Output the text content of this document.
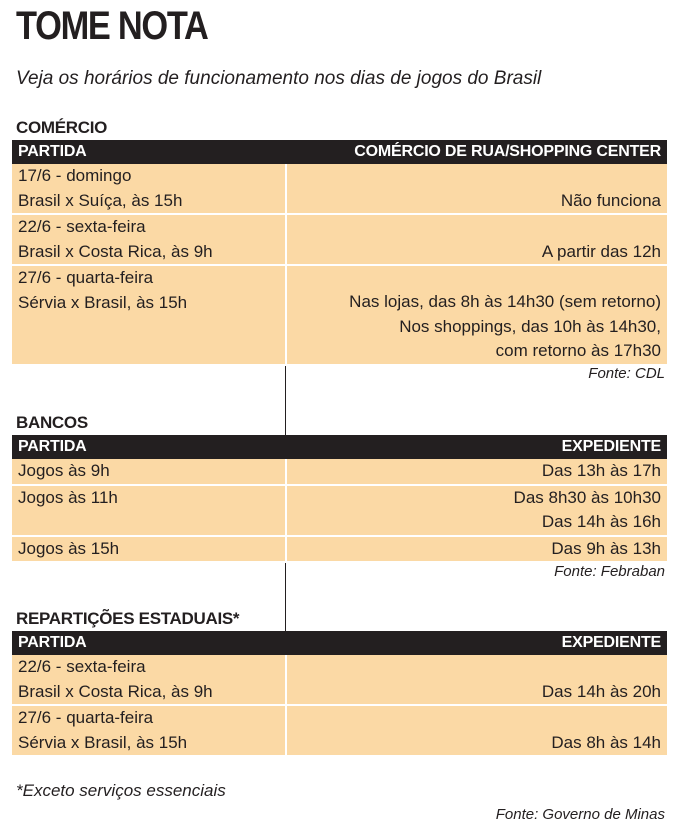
TOME NOTA
Veja os horários de funcionamento nos dias de jogos do Brasil
COMÉRCIO
PARTIDA	COMÉRCIO DE RUA/SHOPPING CENTER

17/6 - domingo
Brasil x Suíça, às 15h	Não funciona

22/6 - sexta-feira
Brasil x Costa Rica, às 9h	A partir das 12h

27/6 - quarta-feira
Sérvia x Brasil, às 15h	Nas lojas, das 8h às 14h30 (sem retorno)
Nos shoppings, das 10h às 14h30,
com retorno às 17h30
Fonte: CDL
BANCOS
PARTIDA	EXPEDIENTE

Jogos às 9h	Das 13h às 17h

Jogos às 11h	Das 8h30 às 10h30
Das 14h às 16h

Jogos às 15h	Das 9h às 13h
Fonte: Febraban
REPARTIÇÕES ESTADUAIS*
PARTIDA	EXPEDIENTE

22/6 - sexta-feira
Brasil x Costa Rica, às 9h	Das 14h às 20h

27/6 - quarta-feira
Sérvia x Brasil, às 15h	Das 8h às 14h
*Exceto serviços essenciais
Fonte: Governo de Minas
